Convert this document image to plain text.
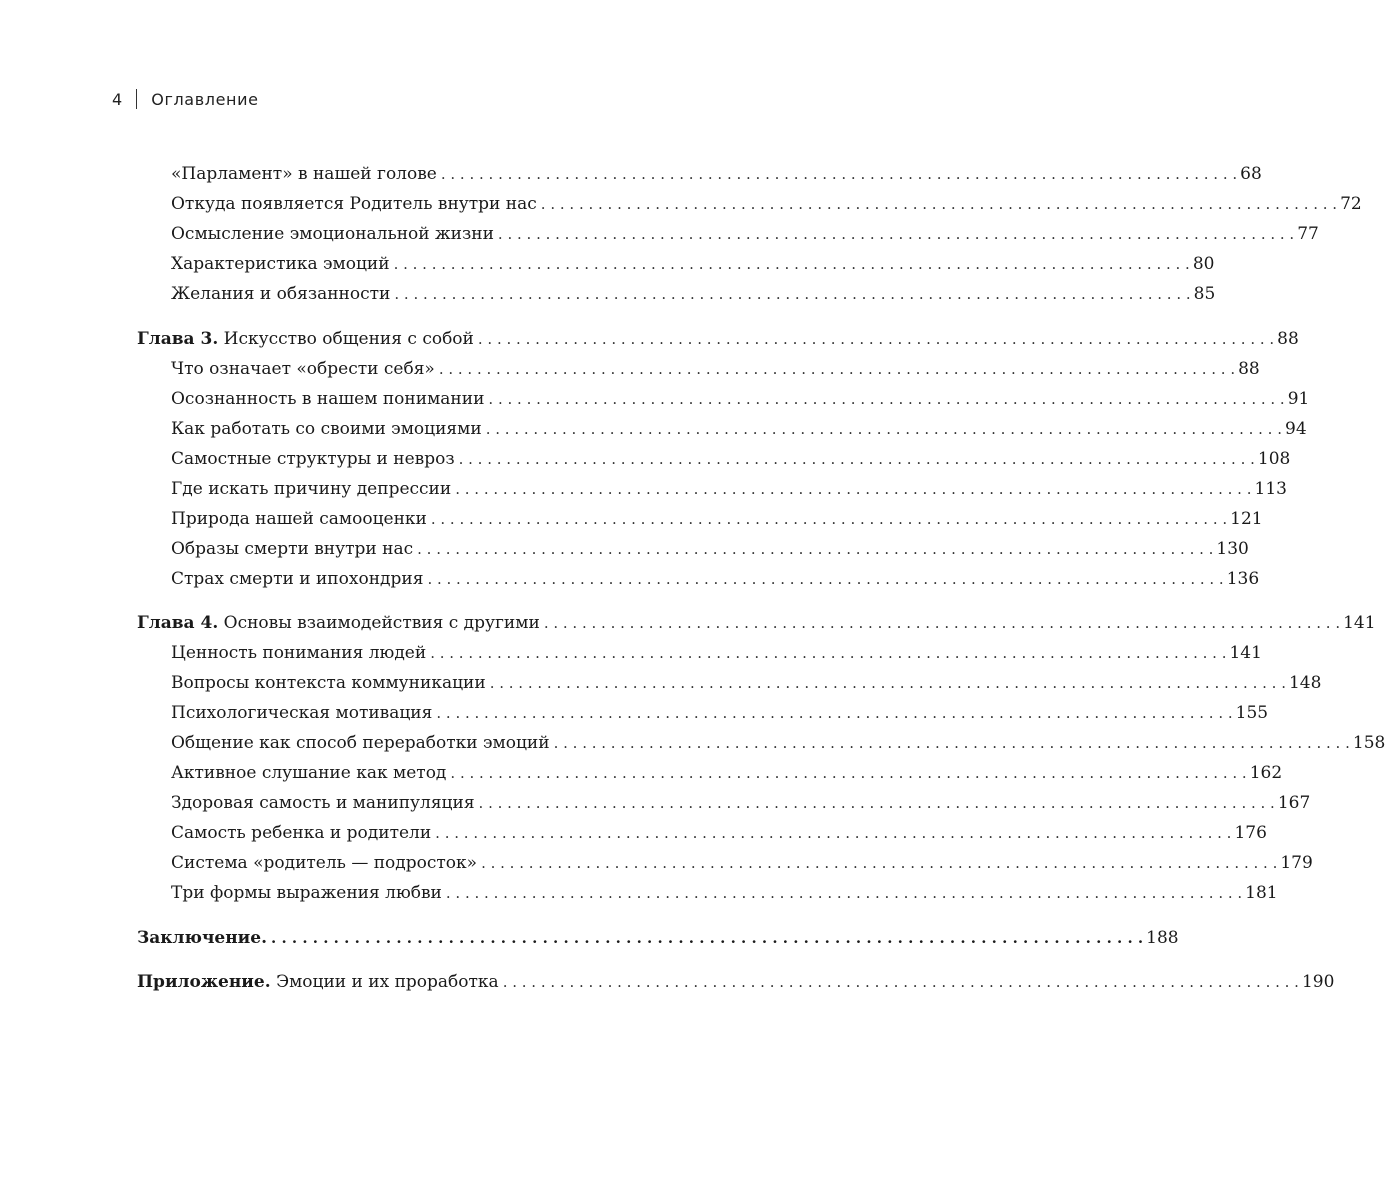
4 Оглавление
«Парламент» в нашей голове . . .	68
Откуда появляется Родитель внутри нас . . .	72
Осмысление эмоциональной жизни . . .	77
Характеристика эмоций . . .	80
Желания и обязанности . . .	85
Глава 3. Искусство общения с собой . . .	88
Что означает «обрести себя» . . .	88
Осознанность в нашем понимании . . .	91
Как работать со своими эмоциями . . .	94
Самостные структуры и невроз . . .	108
Где искать причину депрессии . . .	113
Природа нашей самооценки . . .	121
Образы смерти внутри нас . . .	130
Страх смерти и ипохондрия . . .	136
Глава 4. Основы взаимодействия с другими . . .	141
Ценность понимания людей . . .	141
Вопросы контекста коммуникации . . .	148
Психологическая мотивация . . .	155
Общение как способ переработки эмоций . . .	158
Активное слушание как метод . . .	162
Здоровая самость и манипуляция . . .	167
Самость ребенка и родители . . .	176
Система «родитель — подросток» . . .	179
Три формы выражения любви . . .	181
Заключение. . . .	188
Приложение. Эмоции и их проработка . . .	190
